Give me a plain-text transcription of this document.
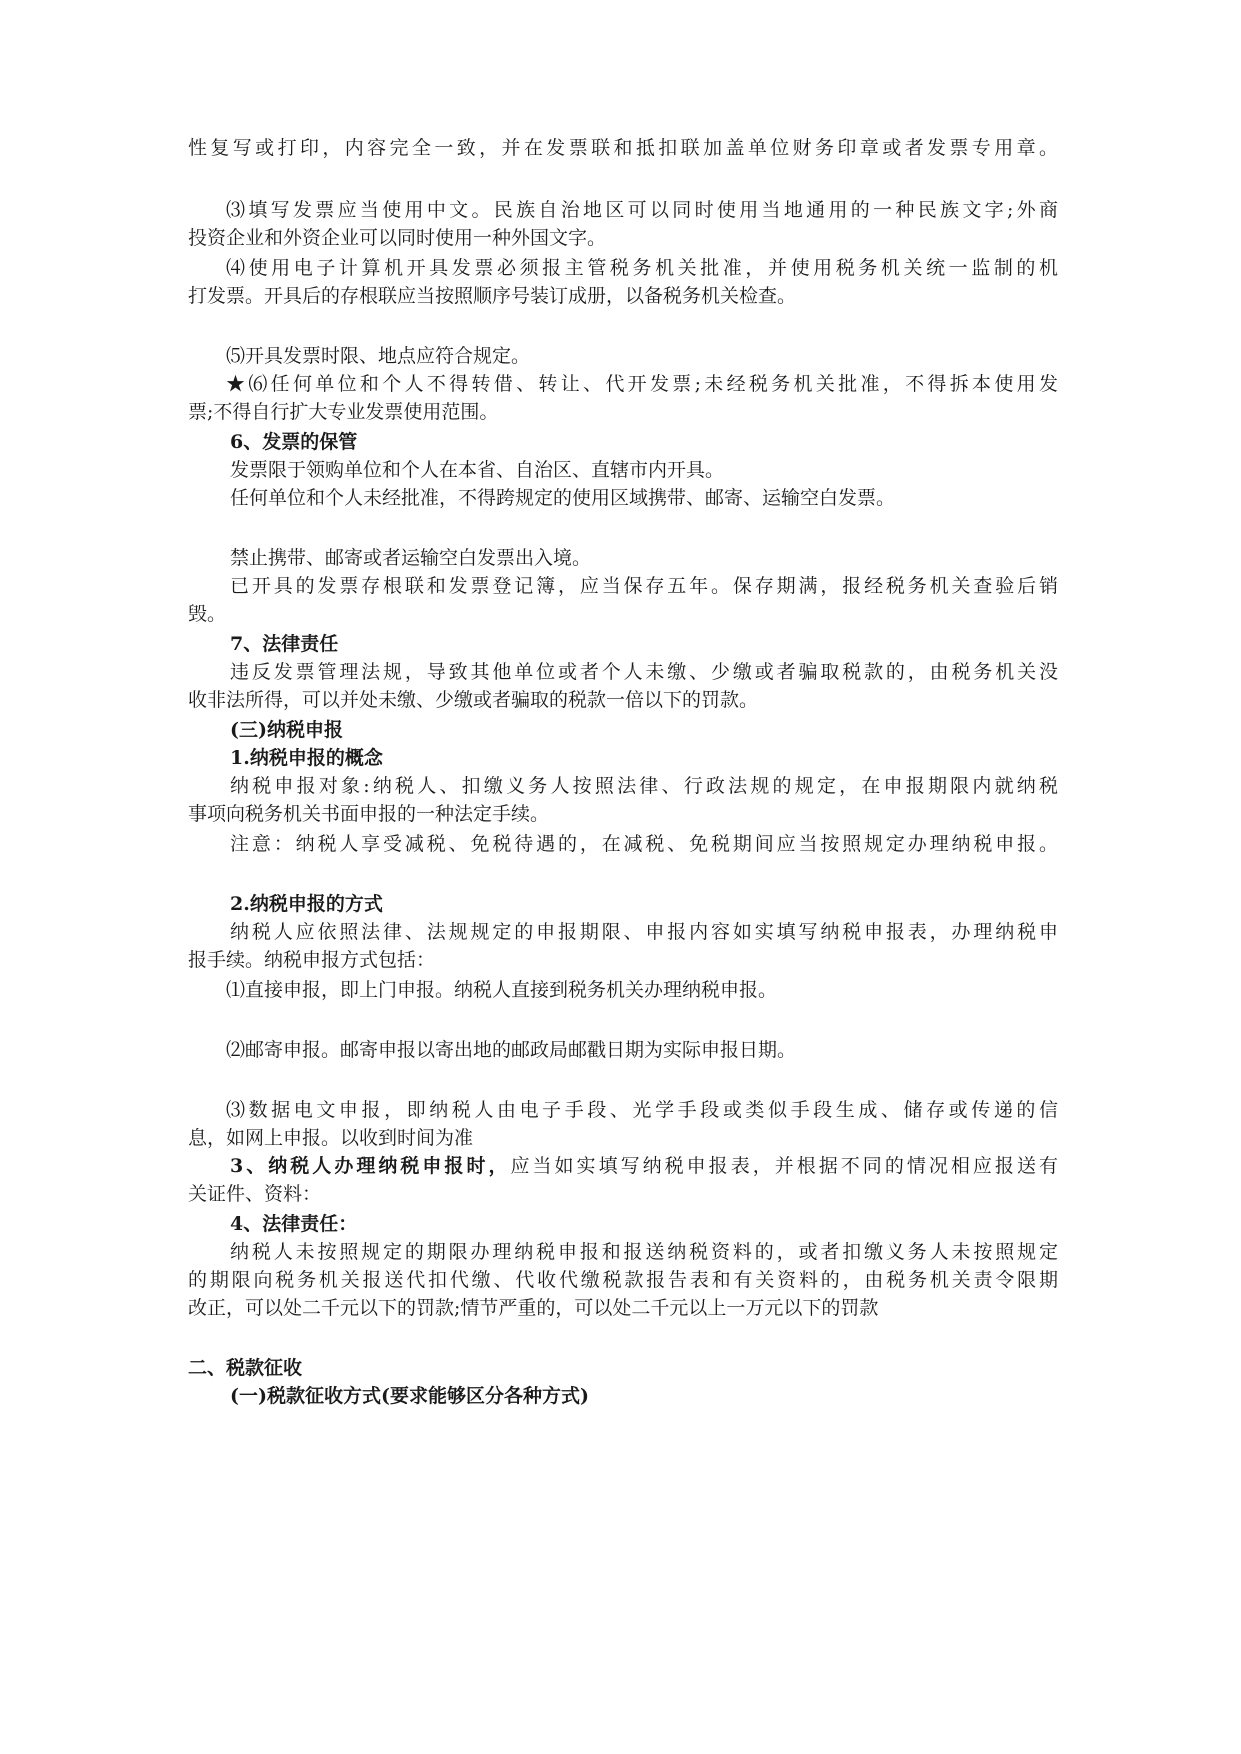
性复写或打印，内容完全一致，并在发票联和抵扣联加盖单位财务印章或者发票专用章。
⑶填写发票应当使用中文。民族自治地区可以同时使用当地通用的一种民族文字;外商
投资企业和外资企业可以同时使用一种外国文字。
⑷使用电子计算机开具发票必须报主管税务机关批准，并使用税务机关统一监制的机
打发票。开具后的存根联应当按照顺序号装订成册，以备税务机关检查。
⑸开具发票时限、地点应符合规定。
★⑹任何单位和个人不得转借、转让、代开发票;未经税务机关批准，不得拆本使用发
票;不得自行扩大专业发票使用范围。
6、发票的保管
发票限于领购单位和个人在本省、自治区、直辖市内开具。
任何单位和个人未经批准，不得跨规定的使用区域携带、邮寄、运输空白发票。
禁止携带、邮寄或者运输空白发票出入境。
已开具的发票存根联和发票登记簿，应当保存五年。保存期满，报经税务机关查验后销
毁。
7、法律责任
违反发票管理法规，导致其他单位或者个人未缴、少缴或者骗取税款的，由税务机关没
收非法所得，可以并处未缴、少缴或者骗取的税款一倍以下的罚款。
(三)纳税申报
1.纳税申报的概念
纳税申报对象:纳税人、扣缴义务人按照法律、行政法规的规定，在申报期限内就纳税
事项向税务机关书面申报的一种法定手续。
注意：纳税人享受减税、免税待遇的，在减税、免税期间应当按照规定办理纳税申报。
2.纳税申报的方式
纳税人应依照法律、法规规定的申报期限、申报内容如实填写纳税申报表，办理纳税申
报手续。纳税申报方式包括：
⑴直接申报，即上门申报。纳税人直接到税务机关办理纳税申报。
⑵邮寄申报。邮寄申报以寄出地的邮政局邮戳日期为实际申报日期。
⑶数据电文申报，即纳税人由电子手段、光学手段或类似手段生成、储存或传递的信
息，如网上申报。以收到时间为准
3、纳税人办理纳税申报时，应当如实填写纳税申报表，并根据不同的情况相应报送有
关证件、资料：
4、法律责任：
纳税人未按照规定的期限办理纳税申报和报送纳税资料的，或者扣缴义务人未按照规定
的期限向税务机关报送代扣代缴、代收代缴税款报告表和有关资料的，由税务机关责令限期
改正，可以处二千元以下的罚款;情节严重的，可以处二千元以上一万元以下的罚款
二、税款征收
(一)税款征收方式(要求能够区分各种方式)
